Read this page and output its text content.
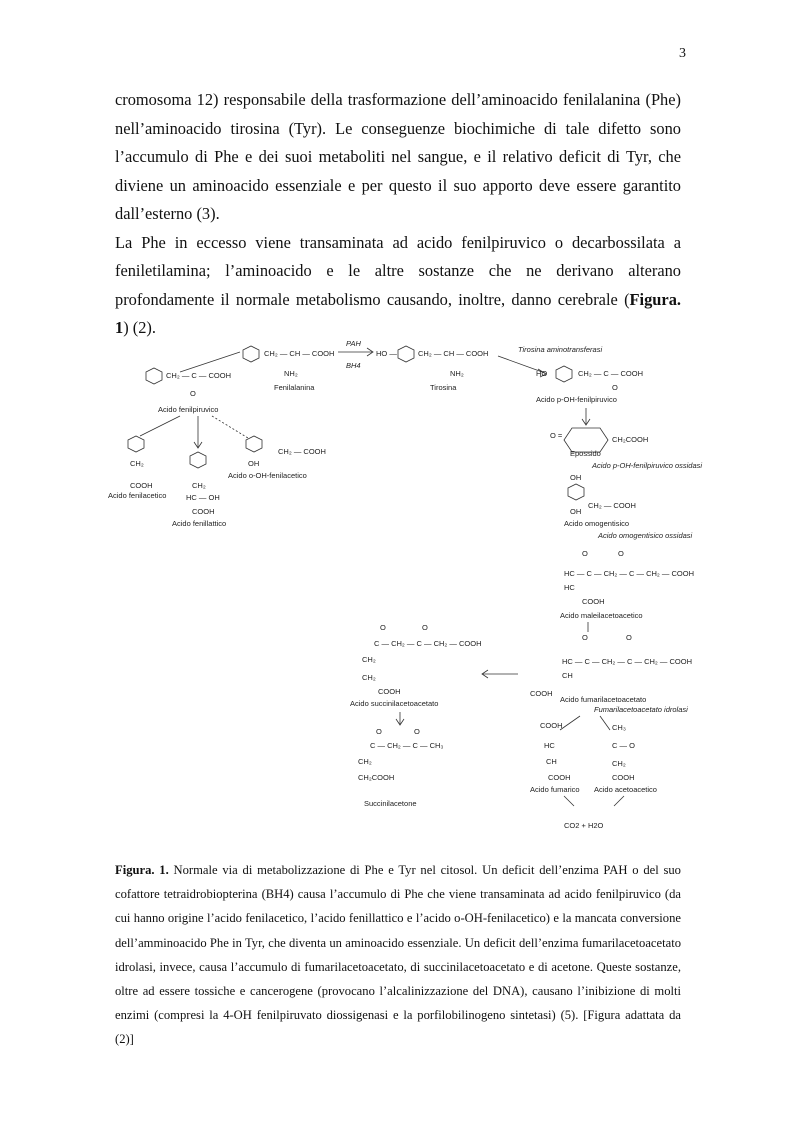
3

cromosoma 12) responsabile della trasformazione dell’aminoacido fenilalanina (Phe) nell’aminoacido tirosina (Tyr). Le conseguenze biochimiche di tale difetto sono l’accumulo di Phe e dei suoi metaboliti nel sangue, e il relativo deficit di Tyr, che diviene un aminoacido essenziale e per questo il suo apporto deve essere garantito dall’esterno (3).

La Phe in eccesso viene transaminata ad acido fenilpiruvico o decarbossilata a feniletilamina; l’aminoacido e le altre sostanze che ne derivano alterano profondamente il normale metabolismo causando, inoltre, danno cerebrale (Figura. 1) (2).

CH₂ — CH — COOH
NH₂
Fenilalanina
PAH
BH4
HO —	CH₂ — CH — COOH
NH₂
Tirosina
Tirosina aminotransferasi
HO	CH₂ — C — COOH
O
Acido p-OH-fenilpiruvico
CH₂ — C — COOH
O
Acido fenilpiruvico
CH₂
COOH
Acido fenilacetico
CH₂
HC — OH
COOH
Acido fenillattico
OH
CH₂ — COOH
Acido o-OH-fenilacetico
O =	CH₂COOH
Epossido
Acido p-OH-fenilpiruvico ossidasi
OH
CH₂ — COOH
OH
Acido omogentisico
Acido omogentisico ossidasi
O	O
HC — C — CH₂ — C — CH₂ — COOH
HC
COOH
Acido maleilacetoacetico
O	O
HC — C — CH₂ — C — CH₂ — COOH
CH
COOH
Acido fumarilacetoacetato
Fumarilacetoacetato idrolasi
COOH
HC
CH
COOH
Acido fumarico
CH₃
C — O
CH₂
COOH
Acido acetoacetico
CO2 + H2O
O	O
C — CH₂ — C — CH₂ — COOH
CH₂
CH₂
COOH
Acido succinilacetoacetato
O	O
C — CH₂ — C — CH₃
CH₂
CH₂COOH
Succinilacetone

Figura. 1. Normale via di metabolizzazione di Phe e Tyr nel citosol. Un deficit dell’enzima PAH o del suo cofattore tetraidrobiopterina (BH4) causa l’accumulo di Phe che viene transaminata ad acido fenilpiruvico (da cui hanno origine l’acido fenilacetico, l’acido fenillattico e l’acido o-OH-fenilacetico) e la mancata conversione dell’amminoacido Phe in Tyr, che diventa un aminoacido essenziale. Un deficit dell’enzima fumarilacetoacetato idrolasi, invece, causa l’accumulo di fumarilacetoacetato, di succinilacetoacetato e di acetone. Queste sostanze, oltre ad essere tossiche e cancerogene (provocano l’alcalinizzazione del DNA), causano l’inibizione di molti enzimi (compresi la 4-OH fenilpiruvato diossigenasi e la porfilobilinogeno sintetasi) (5). [Figura adattata da (2)]
